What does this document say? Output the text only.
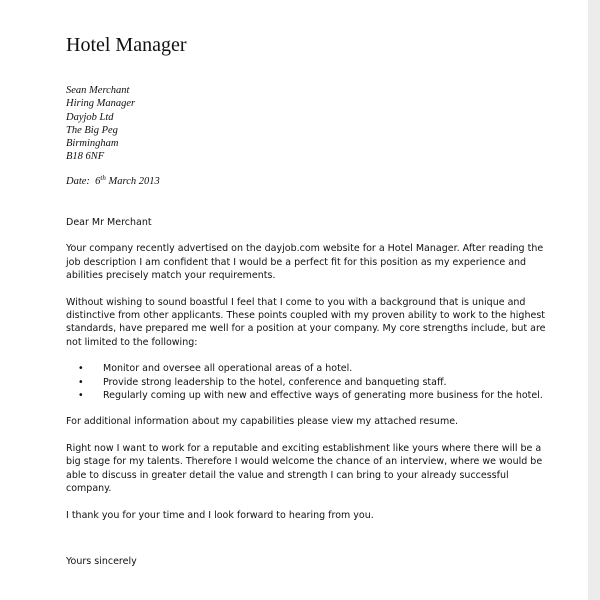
Hotel Manager
Sean Merchant
Hiring Manager
Dayjob Ltd
The Big Peg
Birmingham
B18 6NF
Date: 6th March 2013

Dear Mr Merchant

Your company recently advertised on the dayjob.com website for a Hotel Manager. After reading the job description I am confident that I would be a perfect fit for this position as my experience and abilities precisely match your requirements.

Without wishing to sound boastful I feel that I come to you with a background that is unique and distinctive from other applicants. These points coupled with my proven ability to work to the highest standards, have prepared me well for a position at your company. My core strengths include, but are not limited to the following:

• Monitor and oversee all operational areas of a hotel.
• Provide strong leadership to the hotel, conference and banqueting staff.
• Regularly coming up with new and effective ways of generating more business for the hotel.

For additional information about my capabilities please view my attached resume.

Right now I want to work for a reputable and exciting establishment like yours where there will be a big stage for my talents. Therefore I would welcome the chance of an interview, where we would be able to discuss in greater detail the value and strength I can bring to your already successful company.

I thank you for your time and I look forward to hearing from you.

Yours sincerely
